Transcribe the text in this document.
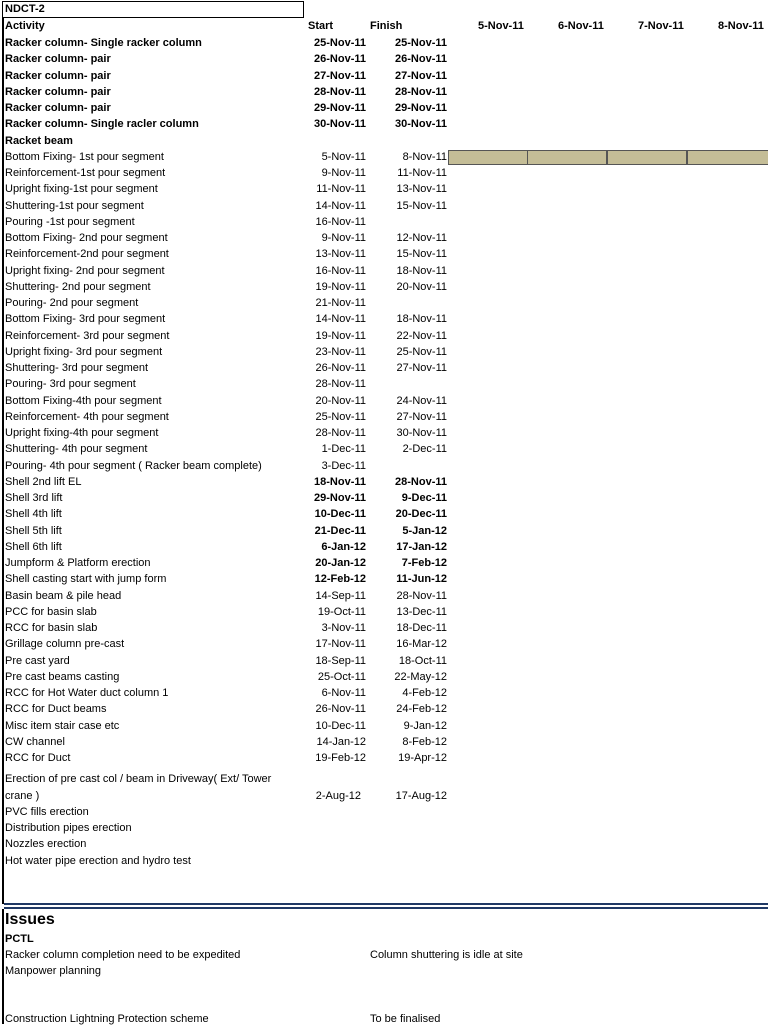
NDCT-2
Activity	Start	Finish	5-Nov-11	6-Nov-11	7-Nov-11	8-Nov-11
Racker column- Single racker column	25-Nov-11	25-Nov-11
Racker column- pair	26-Nov-11	26-Nov-11
Racker column- pair	27-Nov-11	27-Nov-11
Racker column- pair	28-Nov-11	28-Nov-11
Racker column- pair	29-Nov-11	29-Nov-11
Racker column- Single racler column	30-Nov-11	30-Nov-11
Racket beam
Bottom Fixing- 1st pour segment	5-Nov-11	8-Nov-11
Reinforcement-1st pour segment	9-Nov-11	11-Nov-11
Upright fixing-1st pour segment	11-Nov-11	13-Nov-11
Shuttering-1st pour segment	14-Nov-11	15-Nov-11
Pouring -1st pour segment	16-Nov-11
Bottom Fixing- 2nd pour segment	9-Nov-11	12-Nov-11
Reinforcement-2nd pour segment	13-Nov-11	15-Nov-11
Upright fixing- 2nd pour segment	16-Nov-11	18-Nov-11
Shuttering- 2nd pour segment	19-Nov-11	20-Nov-11
Pouring- 2nd pour segment	21-Nov-11
Bottom Fixing- 3rd pour segment	14-Nov-11	18-Nov-11
Reinforcement- 3rd pour segment	19-Nov-11	22-Nov-11
Upright fixing- 3rd pour segment	23-Nov-11	25-Nov-11
Shuttering- 3rd pour segment	26-Nov-11	27-Nov-11
Pouring- 3rd pour segment	28-Nov-11
Bottom Fixing-4th pour segment	20-Nov-11	24-Nov-11
Reinforcement- 4th pour segment	25-Nov-11	27-Nov-11
Upright fixing-4th pour segment	28-Nov-11	30-Nov-11
Shuttering- 4th pour segment	1-Dec-11	2-Dec-11
Pouring- 4th pour segment ( Racker beam complete)	3-Dec-11
Shell 2nd lift EL	18-Nov-11	28-Nov-11
Shell 3rd lift	29-Nov-11	9-Dec-11
Shell 4th lift	10-Dec-11	20-Dec-11
Shell 5th lift	21-Dec-11	5-Jan-12
Shell 6th lift	6-Jan-12	17-Jan-12
Jumpform & Platform erection	20-Jan-12	7-Feb-12
Shell casting start with jump form	12-Feb-12	11-Jun-12
Basin beam & pile head	14-Sep-11	28-Nov-11
PCC for basin slab	19-Oct-11	13-Dec-11
RCC for basin slab	3-Nov-11	18-Dec-11
Grillage column pre-cast	17-Nov-11	16-Mar-12
Pre cast yard	18-Sep-11	18-Oct-11
Pre cast beams casting	25-Oct-11	22-May-12
RCC for Hot Water duct column 1	6-Nov-11	4-Feb-12
RCC for Duct beams	26-Nov-11	24-Feb-12
Misc item stair case etc	10-Dec-11	9-Jan-12
CW channel	14-Jan-12	8-Feb-12
RCC for Duct	19-Feb-12	19-Apr-12
Erection of pre cast col / beam in Driveway( Ext/ Tower
crane )	2-Aug-12	17-Aug-12
PVC fills erection
Distribution pipes erection
Nozzles erection
Hot water pipe erection and hydro test
Issues
PCTL
Racker column completion need to be expedited	Column shuttering is idle at site
Manpower planning
Construction Lightning Protection scheme	To be finalised
